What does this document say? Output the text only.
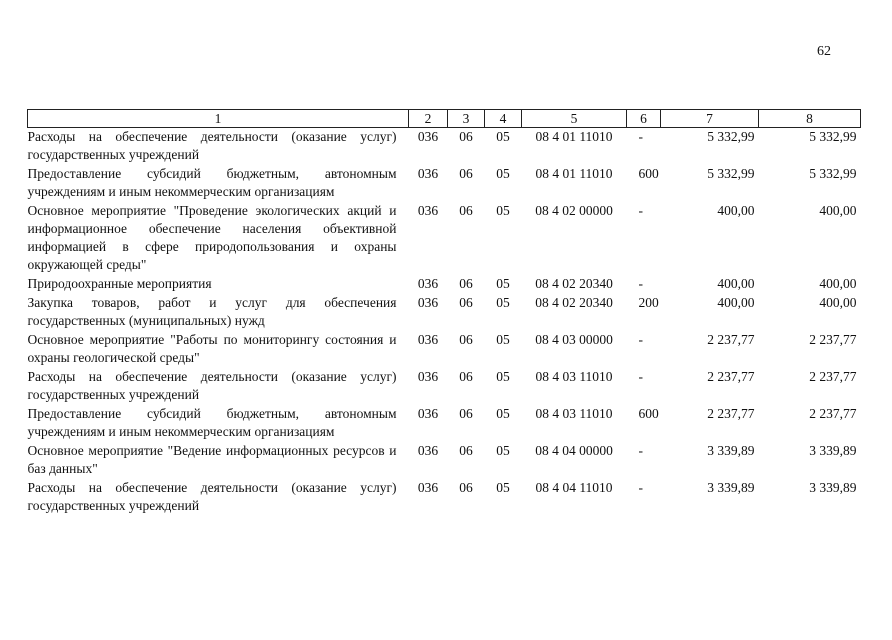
62
1	2	3	4	5	6	7	8
Расходы на обеспечение деятельности (оказание услуг) государственных учреждений	036	06	05	08 4 01 11010	-	5 332,99	5 332,99
Предоставление субсидий бюджетным, автономным учреждениям и иным некоммерческим организациям	036	06	05	08 4 01 11010	600	5 332,99	5 332,99
Основное мероприятие "Проведение экологических акций и информационное обеспечение населения объективной информацией в сфере природопользования и охраны окружающей среды"	036	06	05	08 4 02 00000	-	400,00	400,00
Природоохранные мероприятия	036	06	05	08 4 02 20340	-	400,00	400,00
Закупка товаров, работ и услуг для обеспечения государственных (муниципальных) нужд	036	06	05	08 4 02 20340	200	400,00	400,00
Основное мероприятие "Работы по мониторингу состояния и охраны геологической среды"	036	06	05	08 4 03 00000	-	2 237,77	2 237,77
Расходы на обеспечение деятельности (оказание услуг) государственных учреждений	036	06	05	08 4 03 11010	-	2 237,77	2 237,77
Предоставление субсидий бюджетным, автономным учреждениям и иным некоммерческим организациям	036	06	05	08 4 03 11010	600	2 237,77	2 237,77
Основное мероприятие "Ведение информационных ресурсов и баз данных"	036	06	05	08 4 04 00000	-	3 339,89	3 339,89
Расходы на обеспечение деятельности (оказание услуг) государственных учреждений	036	06	05	08 4 04 11010	-	3 339,89	3 339,89
